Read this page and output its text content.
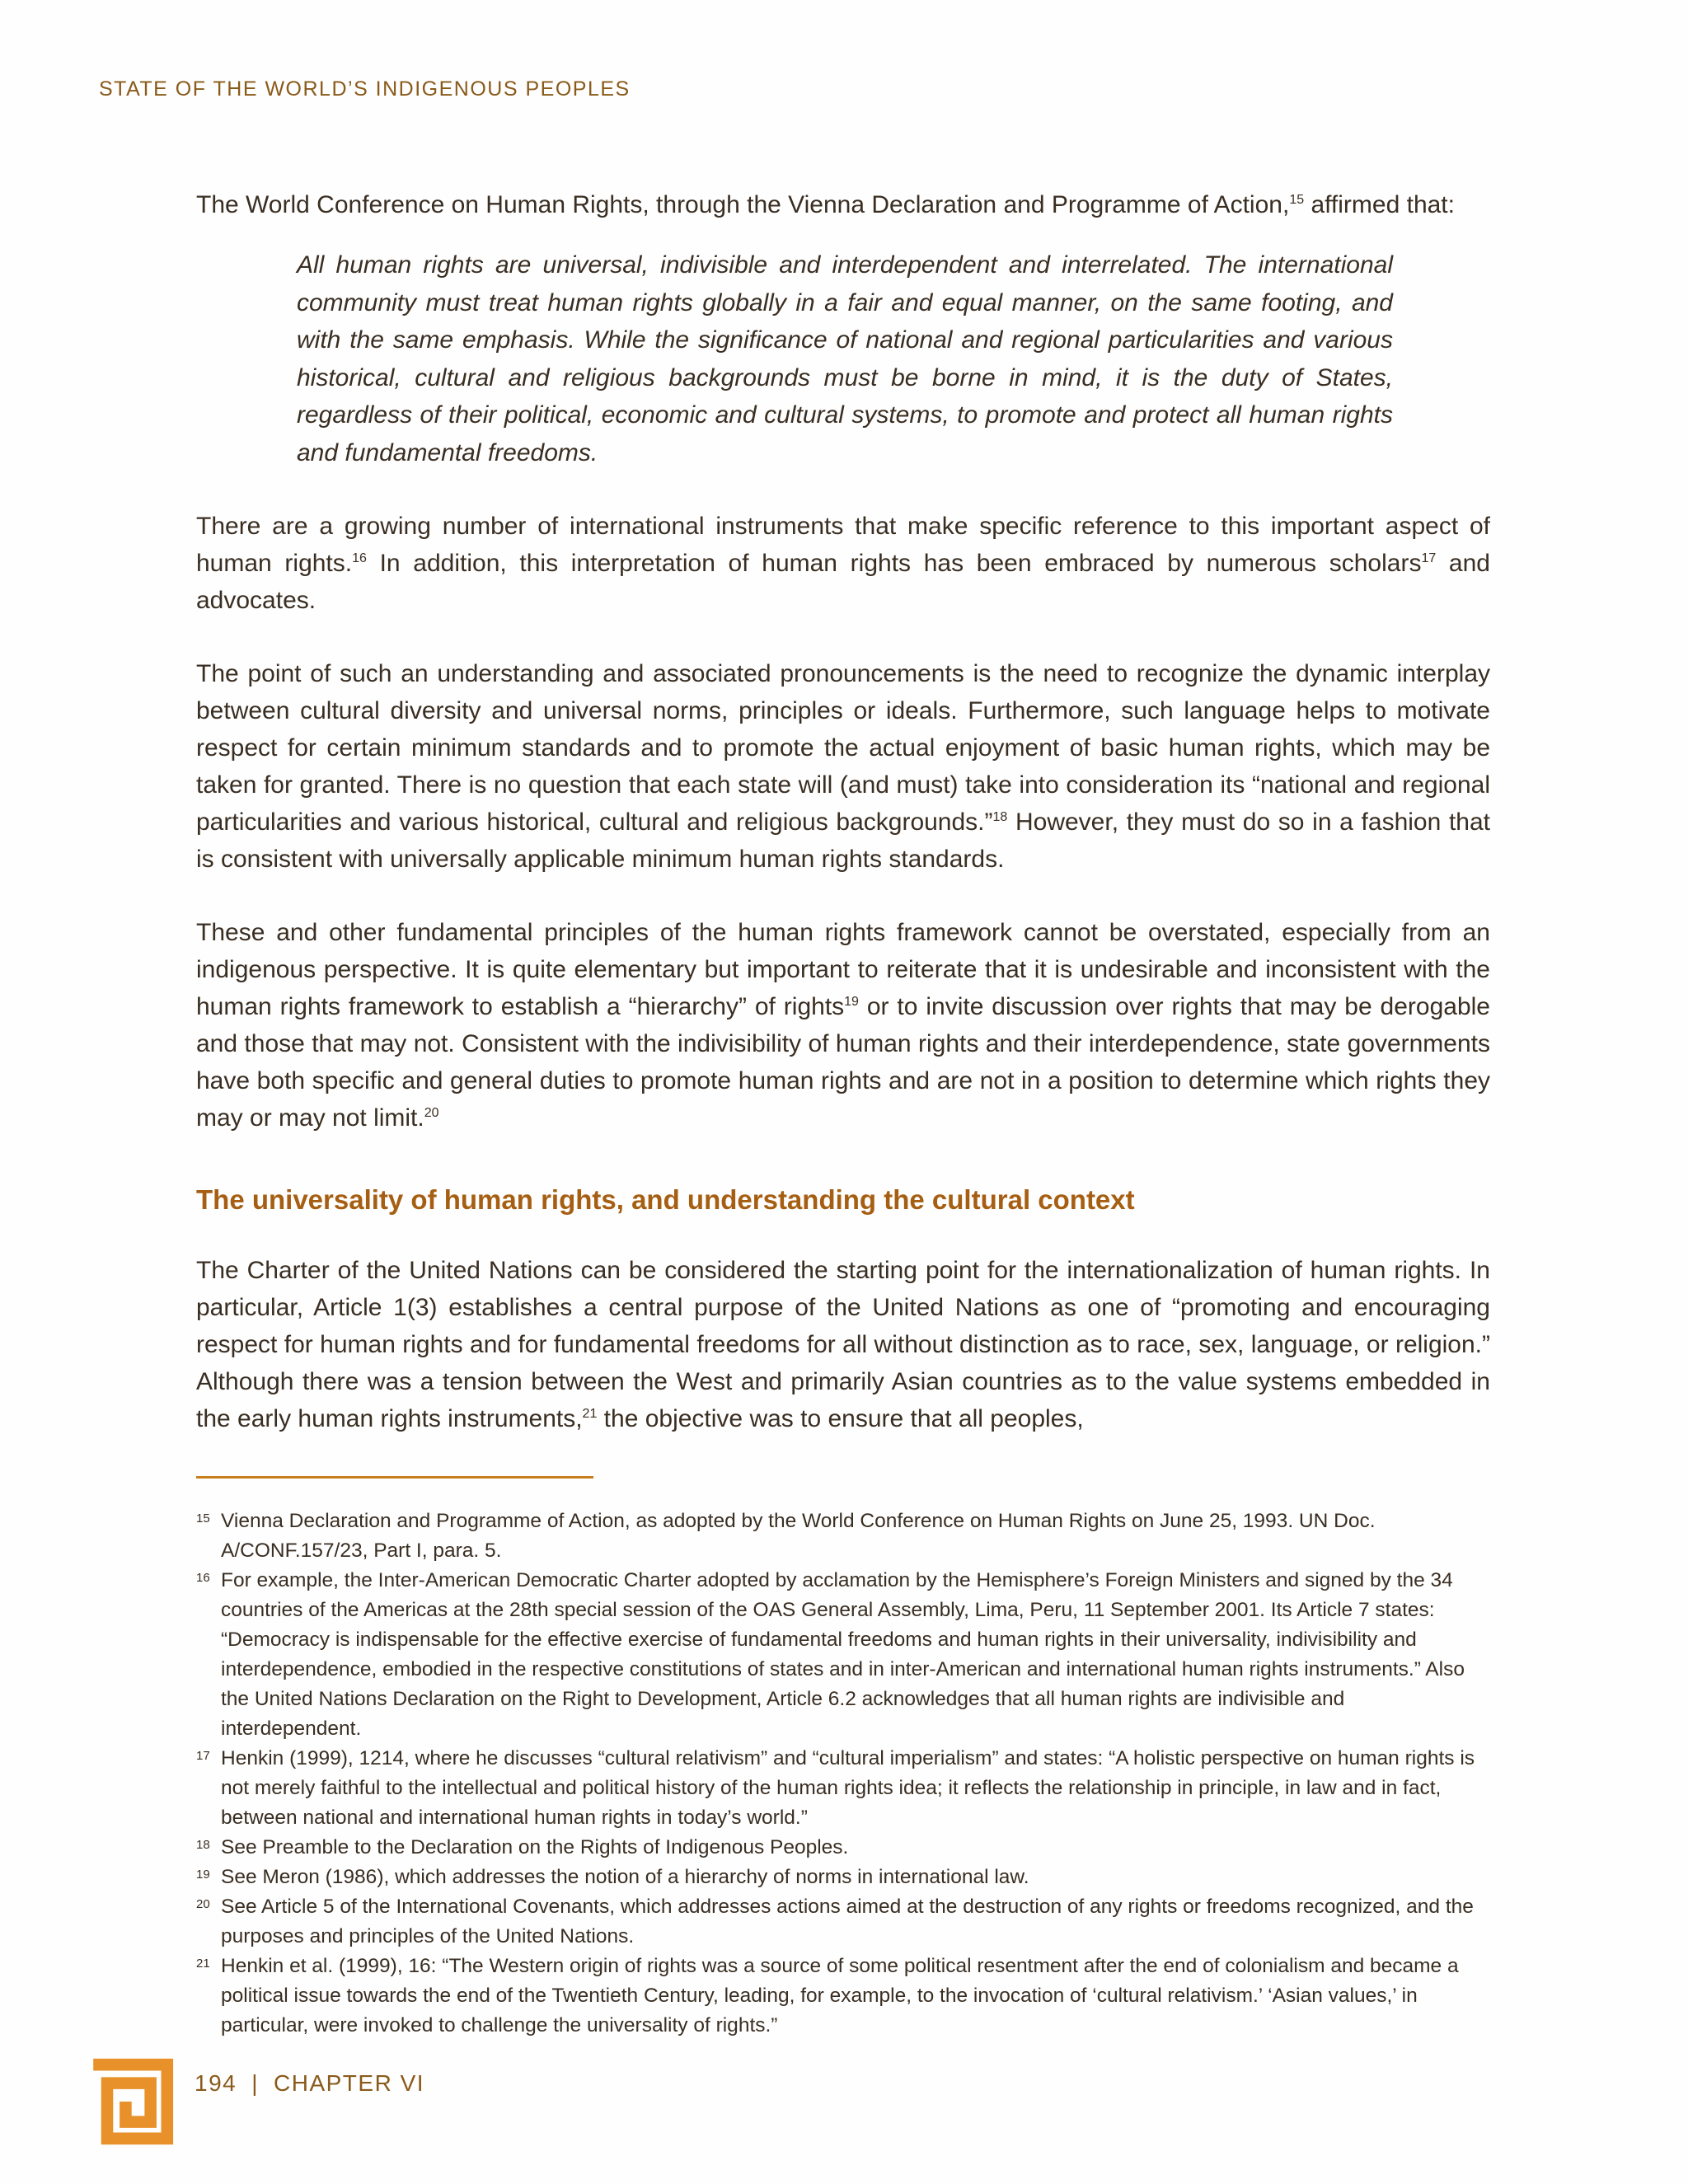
STATE OF THE WORLD’S INDIGENOUS PEOPLES

The World Conference on Human Rights, through the Vienna Declaration and Programme of Action,$^{15}$ affirmed that:

All human rights are universal, indivisible and interdependent and interrelated. The international community must treat human rights globally in a fair and equal manner, on the same footing, and with the same emphasis. While the significance of national and regional particularities and various historical, cultural and religious backgrounds must be borne in mind, it is the duty of States, regardless of their political, economic and cultural systems, to promote and protect all human rights and fundamental freedoms.

There are a growing number of international instruments that make specific reference to this important aspect of human rights.$^{16}$ In addition, this interpretation of human rights has been embraced by numerous scholars$^{17}$ and advocates.

The point of such an understanding and associated pronouncements is the need to recognize the dynamic interplay between cultural diversity and universal norms, principles or ideals. Furthermore, such language helps to motivate respect for certain minimum standards and to promote the actual enjoyment of basic human rights, which may be taken for granted. There is no question that each state will (and must) take into consideration its “national and regional particularities and various historical, cultural and religious backgrounds.”$^{18}$ However, they must do so in a fashion that is consistent with universally applicable minimum human rights standards.

These and other fundamental principles of the human rights framework cannot be overstated, especially from an indigenous perspective. It is quite elementary but important to reiterate that it is undesirable and inconsistent with the human rights framework to establish a “hierarchy” of rights$^{19}$ or to invite discussion over rights that may be derogable and those that may not. Consistent with the indivisibility of human rights and their interdependence, state governments have both specific and general duties to promote human rights and are not in a position to determine which rights they may or may not limit.$^{20}$

The universality of human rights, and understanding the cultural context

The Charter of the United Nations can be considered the starting point for the internationalization of human rights. In particular, Article 1(3) establishes a central purpose of the United Nations as one of “promoting and encouraging respect for human rights and for fundamental freedoms for all without distinction as to race, sex, language, or religion.” Although there was a tension between the West and primarily Asian countries as to the value systems embedded in the early human rights instruments,$^{21}$ the objective was to ensure that all peoples,

15 Vienna Declaration and Programme of Action, as adopted by the World Conference on Human Rights on June 25, 1993. UN Doc. A/CONF.157/23, Part I, para. 5.
16 For example, the Inter-American Democratic Charter adopted by acclamation by the Hemisphere’s Foreign Ministers and signed by the 34 countries of the Americas at the 28th special session of the OAS General Assembly, Lima, Peru, 11 September 2001. Its Article 7 states: “Democracy is indispensable for the effective exercise of fundamental freedoms and human rights in their universality, indivisibility and interdependence, embodied in the respective constitutions of states and in inter-American and international human rights instruments.” Also the United Nations Declaration on the Right to Development, Article 6.2 acknowledges that all human rights are indivisible and interdependent.
17 Henkin (1999), 1214, where he discusses “cultural relativism” and “cultural imperialism” and states: “A holistic perspective on human rights is not merely faithful to the intellectual and political history of the human rights idea; it reflects the relationship in principle, in law and in fact, between national and international human rights in today’s world.”
18 See Preamble to the Declaration on the Rights of Indigenous Peoples.
19 See Meron (1986), which addresses the notion of a hierarchy of norms in international law.
20 See Article 5 of the International Covenants, which addresses actions aimed at the destruction of any rights or freedoms recognized, and the purposes and principles of the United Nations.
21 Henkin et al. (1999), 16: “The Western origin of rights was a source of some political resentment after the end of colonialism and became a political issue towards the end of the Twentieth Century, leading, for example, to the invocation of ‘cultural relativism.’ ‘Asian values,’ in particular, were invoked to challenge the universality of rights.”
194 | CHAPTER VI
